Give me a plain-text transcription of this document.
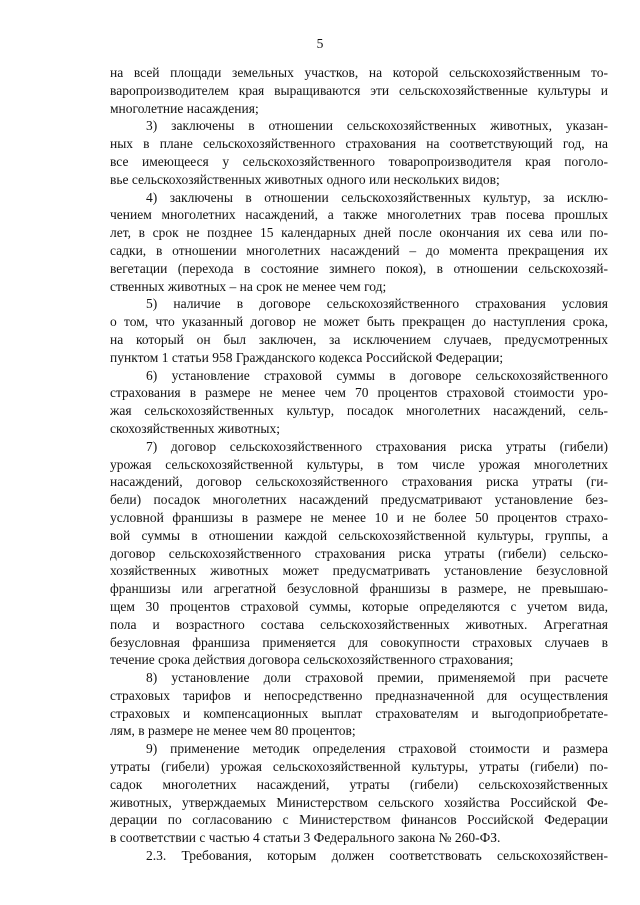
5
на всей площади земельных участков, на которой сельскохозяйственным то-
варопроизводителем края выращиваются эти сельскохозяйственные культуры и
многолетние насаждения;
3) заключены в отношении сельскохозяйственных животных, указан-
ных в плане сельскохозяйственного страхования на соответствующий год, на
все имеющееся у сельскохозяйственного товаропроизводителя края поголо-
вье сельскохозяйственных животных одного или нескольких видов;
4) заключены в отношении сельскохозяйственных культур, за исклю-
чением многолетних насаждений, а также многолетних трав посева прошлых
лет, в срок не позднее 15 календарных дней после окончания их сева или по-
садки, в отношении многолетних насаждений – до момента прекращения их
вегетации (перехода в состояние зимнего покоя), в отношении сельскохозяй-
ственных животных – на срок не менее чем год;
5) наличие в договоре сельскохозяйственного страхования условия
о том, что указанный договор не может быть прекращен до наступления срока,
на который он был заключен, за исключением случаев, предусмотренных
пунктом 1 статьи 958 Гражданского кодекса Российской Федерации;
6) установление страховой суммы в договоре сельскохозяйственного
страхования в размере не менее чем 70 процентов страховой стоимости уро-
жая сельскохозяйственных культур, посадок многолетних насаждений, сель-
скохозяйственных животных;
7) договор сельскохозяйственного страхования риска утраты (гибели)
урожая сельскохозяйственной культуры, в том числе урожая многолетних
насаждений, договор сельскохозяйственного страхования риска утраты (ги-
бели) посадок многолетних насаждений предусматривают установление без-
условной франшизы в размере не менее 10 и не более 50 процентов страхо-
вой суммы в отношении каждой сельскохозяйственной культуры, группы, а
договор сельскохозяйственного страхования риска утраты (гибели) сельско-
хозяйственных животных может предусматривать установление безусловной
франшизы или агрегатной безусловной франшизы в размере, не превышаю-
щем 30 процентов страховой суммы, которые определяются с учетом вида,
пола и возрастного состава сельскохозяйственных животных. Агрегатная
безусловная франшиза применяется для совокупности страховых случаев в
течение срока действия договора сельскохозяйственного страхования;
8) установление доли страховой премии, применяемой при расчете
страховых тарифов и непосредственно предназначенной для осуществления
страховых и компенсационных выплат страхователям и выгодоприобретате-
лям, в размере не менее чем 80 процентов;
9) применение методик определения страховой стоимости и размера
утраты (гибели) урожая сельскохозяйственной культуры, утраты (гибели) по-
садок многолетних насаждений, утраты (гибели) сельскохозяйственных
животных, утверждаемых Министерством сельского хозяйства Российской Фе-
дерации по согласованию с Министерством финансов Российской Федерации
в соответствии с частью 4 статьи 3 Федерального закона № 260-ФЗ.
2.3. Требования, которым должен соответствовать сельскохозяйствен-
